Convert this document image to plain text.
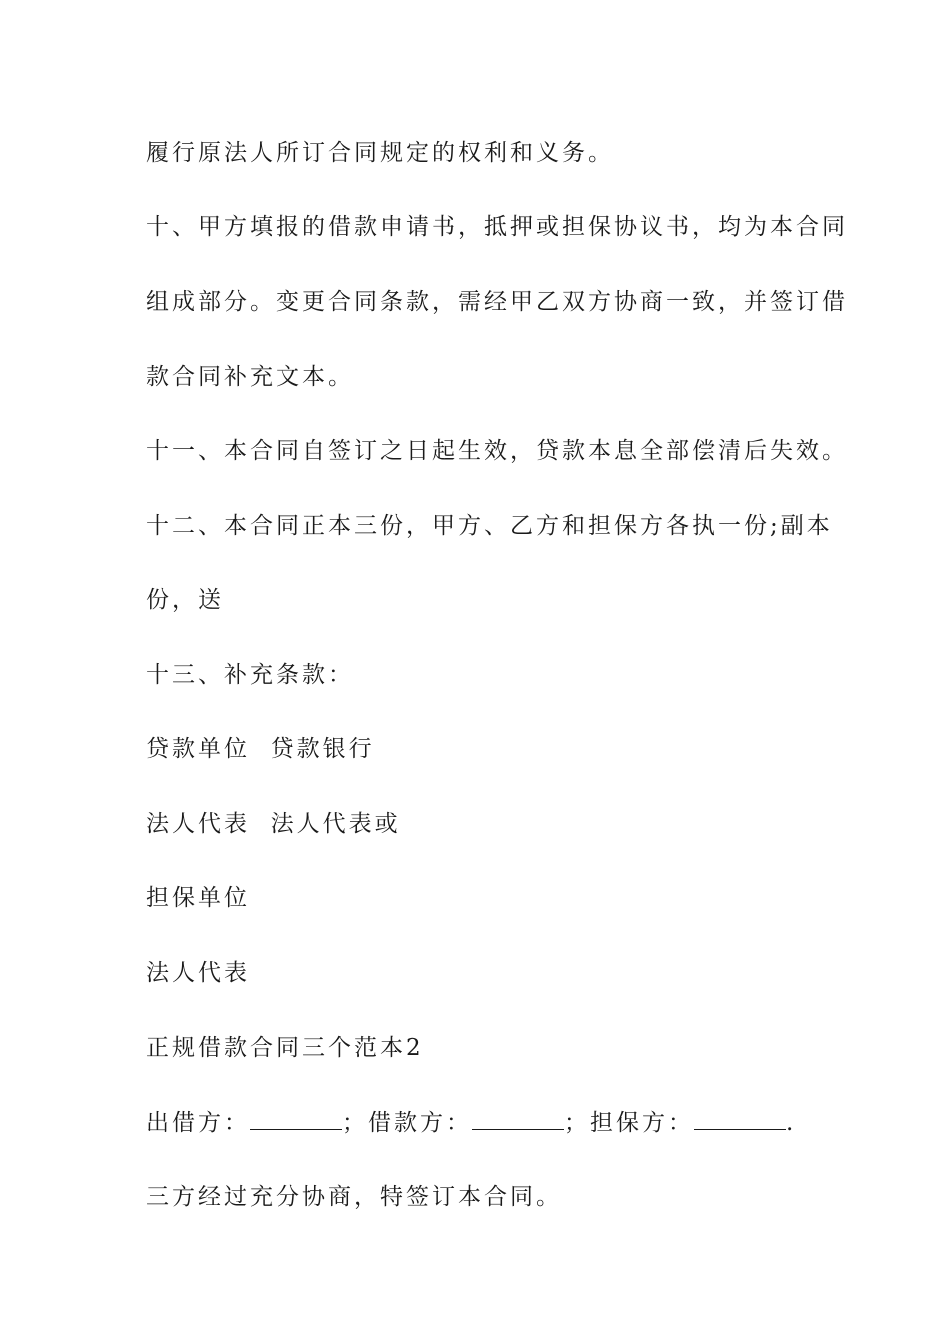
履行原法人所订合同规定的权利和义务。
十、甲方填报的借款申请书，抵押或担保协议书，均为本合同
组成部分。变更合同条款，需经甲乙双方协商一致，并签订借
款合同补充文本。
十一、本合同自签订之日起生效，贷款本息全部偿清后失效。
十二、本合同正本三份，甲方、乙方和担保方各执一份;副本
份，送
十三、补充条款：
贷款单位  贷款银行
法人代表  法人代表或
担保单位
法人代表
正规借款合同三个范本2
出借方：	；借款方：	；担保方：	.
三方经过充分协商，特签订本合同。
